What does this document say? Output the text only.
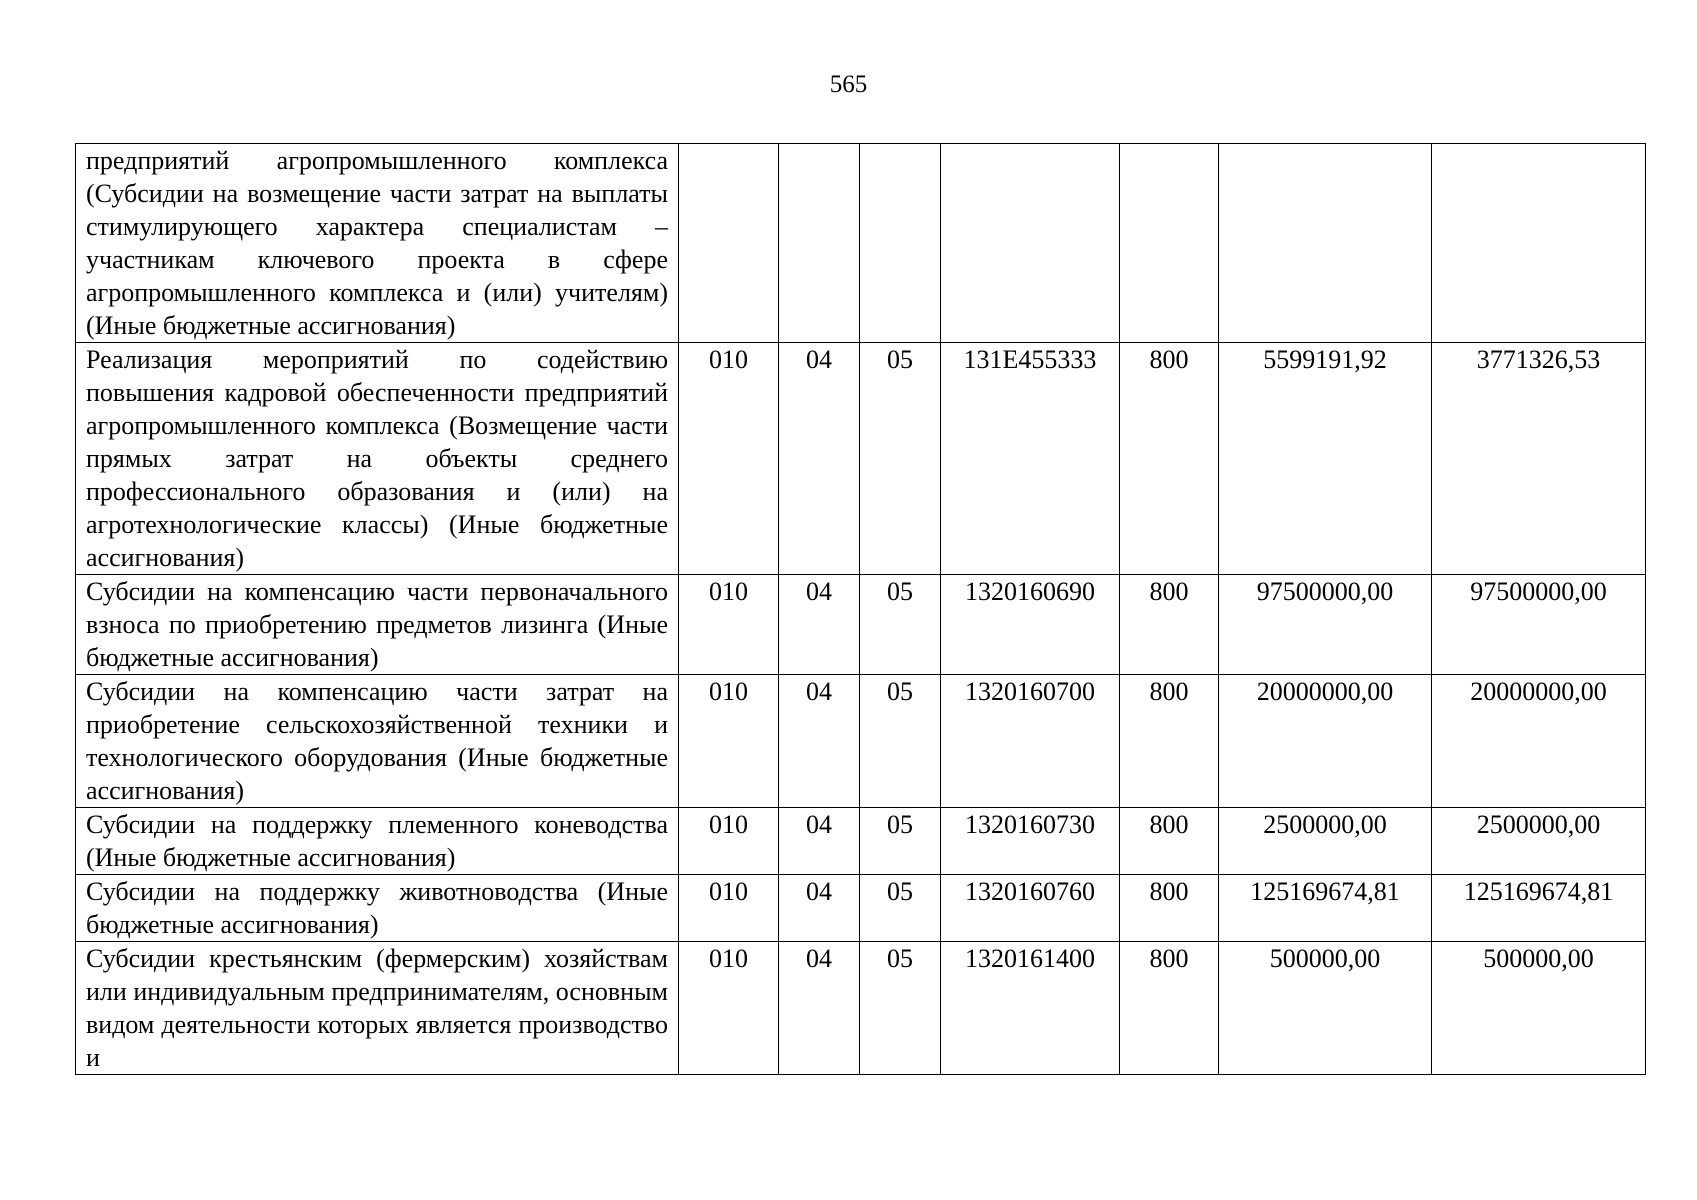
565
предприятий агропромышленного комплекса (Субсидии на возмещение части затрат на выплаты стимулирующего характера специалистам – участникам ключевого проекта в сфере агропромышленного комплекса и (или) учителям) (Иные бюджетные ассигнования)							
Реализация мероприятий по содействию повышения кадровой обеспеченности предприятий агропромышленного комплекса (Возмещение части прямых затрат на объекты среднего профессионального образования и (или) на агротехнологические классы) (Иные бюджетные ассигнования)	010	04	05	131E455333	800	5599191,92	3771326,53
Субсидии на компенсацию части первоначального взноса по приобретению предметов лизинга (Иные бюджетные ассигнования)	010	04	05	1320160690	800	97500000,00	97500000,00
Субсидии на компенсацию части затрат на приобретение сельскохозяйственной техники и технологического оборудования (Иные бюджетные ассигнования)	010	04	05	1320160700	800	20000000,00	20000000,00
Субсидии на поддержку племенного коневодства (Иные бюджетные ассигнования)	010	04	05	1320160730	800	2500000,00	2500000,00
Субсидии на поддержку животноводства (Иные бюджетные ассигнования)	010	04	05	1320160760	800	125169674,81	125169674,81
Субсидии крестьянским (фермерским) хозяйствам или индивидуальным предпринимателям, основным видом деятельности которых является производство и	010	04	05	1320161400	800	500000,00	500000,00
